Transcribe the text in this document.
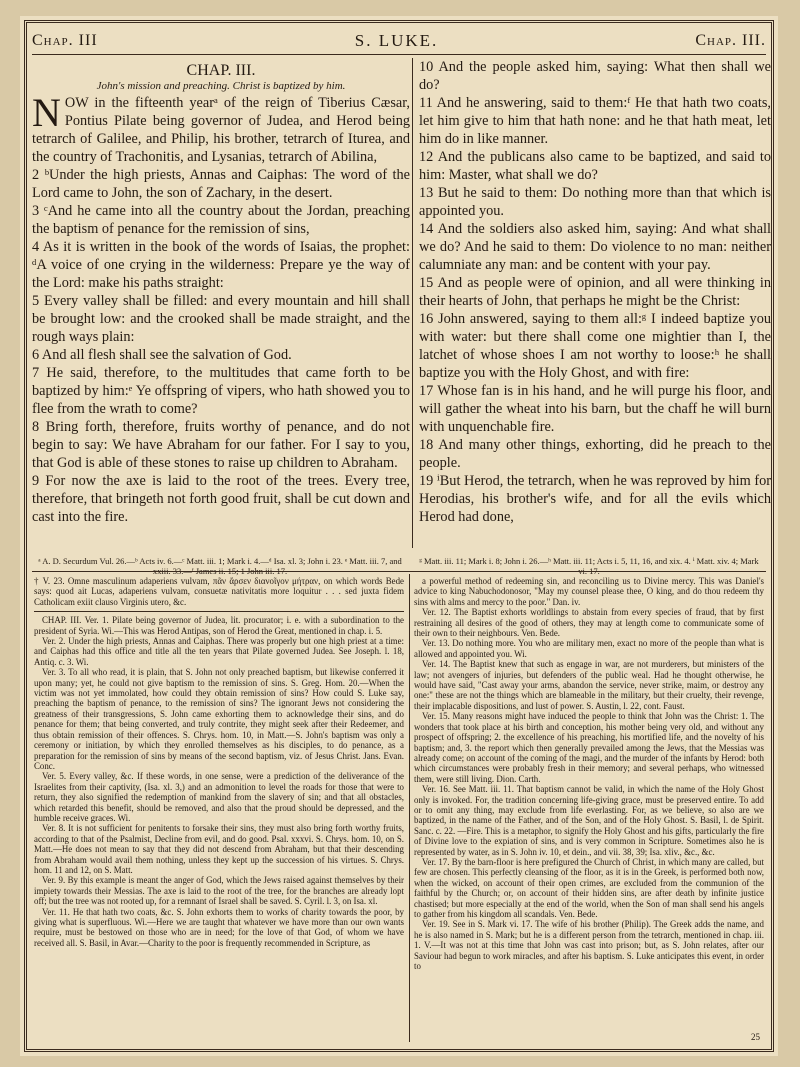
Chap. III	S. LUKE.	Chap. III.
CHAP. III.
John's mission and preaching. Christ is baptized by him.

NOW in the fifteenth yearᵃ of the reign of Tiberius Cæsar, Pontius Pilate being governor of Judea, and Herod being tetrarch of Galilee, and Philip, his brother, tetrarch of Iturea, and the country of Trachonitis, and Lysanias, tetrarch of Abilina,

2 ᵇUnder the high priests, Annas and Caiphas: The word of the Lord came to John, the son of Zachary, in the desert.

3 ᶜAnd he came into all the country about the Jordan, preaching the baptism of penance for the remission of sins,

4 As it is written in the book of the words of Isaias, the prophet: ᵈA voice of one crying in the wilderness: Prepare ye the way of the Lord: make his paths straight:

5 Every valley shall be filled: and every mountain and hill shall be brought low: and the crooked shall be made straight, and the rough ways plain:

6 And all flesh shall see the salvation of God.

7 He said, therefore, to the multitudes that came forth to be baptized by him:ᵉ Ye offspring of vipers, who hath showed you to flee from the wrath to come?

8 Bring forth, therefore, fruits worthy of penance, and do not begin to say: We have Abraham for our father. For I say to you, that God is able of these stones to raise up children to Abraham.

9 For now the axe is laid to the root of the trees. Every tree, therefore, that bringeth not forth good fruit, shall be cut down and cast into the fire.

10 And the people asked him, saying: What then shall we do?

11 And he answering, said to them:ᶠ He that hath two coats, let him give to him that hath none: and he that hath meat, let him do in like manner.

12 And the publicans also came to be baptized, and said to him: Master, what shall we do?

13 But he said to them: Do nothing more than that which is appointed you.

14 And the soldiers also asked him, saying: And what shall we do? And he said to them: Do violence to no man: neither calumniate any man: and be content with your pay.

15 And as people were of opinion, and all were thinking in their hearts of John, that perhaps he might be the Christ:

16 John answered, saying to them all:ᵍ I indeed baptize you with water: but there shall come one mightier than I, the latchet of whose shoes I am not worthy to loose:ʰ he shall baptize you with the Holy Ghost, and with fire:

17 Whose fan is in his hand, and he will purge his floor, and will gather the wheat into his barn, but the chaff he will burn with unquenchable fire.

18 And many other things, exhorting, did he preach to the people.

19 ⁱBut Herod, the tetrarch, when he was reproved by him for Herodias, his brother's wife, and for all the evils which Herod had done,

ᵃ A. D. Securdum Vul. 26.—ᵇ Acts iv. 6.—ᶜ Matt. iii. 1; Mark i. 4.—ᵈ Isa. xl. 3; John i. 23. ᵉ Matt. iii. 7, and xxiii. 33.—ᶠ James ii. 15; 1 John iii. 17.
ᵍ Matt. iii. 11; Mark i. 8; John i. 26.—ʰ Matt. iii. 11; Acts i. 5, 11, 16, and xix. 4. ⁱ Matt. xiv. 4; Mark vi. 17.

† V. 23. Omne masculinum adaperiens vulvam, πᾶν ἄρσεν διανοῖγον μήτραν, on which words Bede says: quod ait Lucas, adaperiens vulvam, consuetæ nativitatis more loquitur . . . sed juxta fidem Catholicam exiit clauso Virginis utero, &c.

CHAP. III. Ver. 1. Pilate being governor of Judea, lit. procurator; i. e. with a subordination to the president of Syria. Wi.—This was Herod Antipas, son of Herod the Great, mentioned in chap. i. 5.

Ver. 2. Under the high priests, Annas and Caiphas. There was properly but one high priest at a time: and Caiphas had this office and title all the ten years that Pilate governed Judea. See Joseph. l. 18, Antiq. c. 3. Wi.

Ver. 3. To all who read, it is plain, that S. John not only preached baptism, but likewise conferred it upon many; yet, he could not give baptism to the remission of sins. S. Greg. Hom. 20.—When the victim was not yet immolated, how could they obtain remission of sins? How could S. Luke say, preaching the baptism of penance, to the remission of sins? The ignorant Jews not considering the greatness of their transgressions, S. John came exhorting them to acknowledge their sins, and do penance for them; that being converted, and truly contrite, they might seek after their Redeemer, and thus obtain remission of their offences. S. Chrys. hom. 10, in Matt.—S. John's baptism was only a ceremony or initiation, by which they enrolled themselves as his disciples, to do penance, as a preparation for the remission of sins by means of the second baptism, viz. of Jesus Christ. Jans. Evan. Conc.

Ver. 5. Every valley, &c. If these words, in one sense, were a prediction of the deliverance of the Israelites from their captivity, (Isa. xl. 3,) and an admonition to level the roads for those that were to return, they also signified the redemption of mankind from the slavery of sin; and that all obstacles, which retarded this benefit, should be removed, and also that the proud should be depressed, and the humble receive graces. Wi.

Ver. 8. It is not sufficient for penitents to forsake their sins, they must also bring forth worthy fruits, according to that of the Psalmist, Decline from evil, and do good. Psal. xxxvi. S. Chrys. hom. 10, on S. Matt.—He does not mean to say that they did not descend from Abraham, but that their descending from Abraham would avail them nothing, unless they kept up the succession of his virtues. S. Chrys. hom. 11 and 12, on S. Matt.

Ver. 9. By this example is meant the anger of God, which the Jews raised against themselves by their impiety towards their Messias. The axe is laid to the root of the tree, for the branches are already lopt off; but the tree was not rooted up, for a remnant of Israel shall be saved. S. Cyril. l. 3, on Isa. xl.

Ver. 11. He that hath two coats, &c. S. John exhorts them to works of charity towards the poor, by giving what is superfluous. Wi.—Here we are taught that whatever we have more than our own wants require, must be bestowed on those who are in need; for the love of that God, of whom we have received all. S. Basil, in Avar.—Charity to the poor is frequently recommended in Scripture, as

a powerful method of redeeming sin, and reconciling us to Divine mercy. This was Daniel's advice to king Nabuchodonosor, "May my counsel please thee, O king, and do thou redeem thy sins with alms and mercy to the poor." Dan. iv.

Ver. 12. The Baptist exhorts worldlings to abstain from every species of fraud, that by first restraining all desires of the good of others, they may at length come to communicate some of their own to their neighbours. Ven. Bede.

Ver. 13. Do nothing more. You who are military men, exact no more of the people than what is allowed and appointed you. Wi.

Ver. 14. The Baptist knew that such as engage in war, are not murderers, but ministers of the law; not avengers of injuries, but defenders of the public weal. Had he thought otherwise, he would have said, "Cast away your arms, abandon the service, never strike, maim, or destroy any one:" these are not the things which are blameable in the military, but their cruelty, their revenge, their implacable dispositions, and lust of power. S. Austin, l. 22, cont. Faust.

Ver. 15. Many reasons might have induced the people to think that John was the Christ: 1. The wonders that took place at his birth and conception, his mother being very old, and without any prospect of offspring; 2. the excellence of his preaching, his mortified life, and the novelty of his baptism; and, 3. the report which then generally prevailed among the Jews, that the Messias was already come; on account of the coming of the magi, and the murder of the infants by Herod: both which circumstances were probably fresh in their memory; and several perhaps, who witnessed them, were still living. Dion. Carth.

Ver. 16. See Matt. iii. 11. That baptism cannot be valid, in which the name of the Holy Ghost only is invoked. For, the tradition concerning life-giving grace, must be preserved entire. To add or to omit any thing, may exclude from life everlasting. For, as we believe, so also are we baptized, in the name of the Father, and of the Son, and of the Holy Ghost. S. Basil, l. de Spirit. Sanc. c. 22. —Fire. This is a metaphor, to signify the Holy Ghost and his gifts, particularly the fire of Divine love to the expiation of sins, and is very common in Scripture. Sometimes also he is represented by water, as in S. John iv. 10, et dein., and vii. 38, 39; Isa. xliv., &c., &c.

Ver. 17. By the barn-floor is here prefigured the Church of Christ, in which many are called, but few are chosen. This perfectly cleansing of the floor, as it is in the Greek, is performed both now, when the wicked, on account of their open crimes, are excluded from the communion of the faithful by the Church; or, on account of their hidden sins, are after death by infinite justice chastised; but more especially at the end of the world, when the Son of man shall send his angels to gather from his kingdom all scandals. Ven. Bede.

Ver. 19. See in S. Mark vi. 17. The wife of his brother (Philip). The Greek adds the name, and he is also named in S. Mark; but he is a different person from the tetrarch, mentioned in chap. iii. 1. V.—It was not at this time that John was cast into prison; but, as S. John relates, after our Saviour had begun to work miracles, and after his baptism. S. Luke anticipates this event, in order to

25
